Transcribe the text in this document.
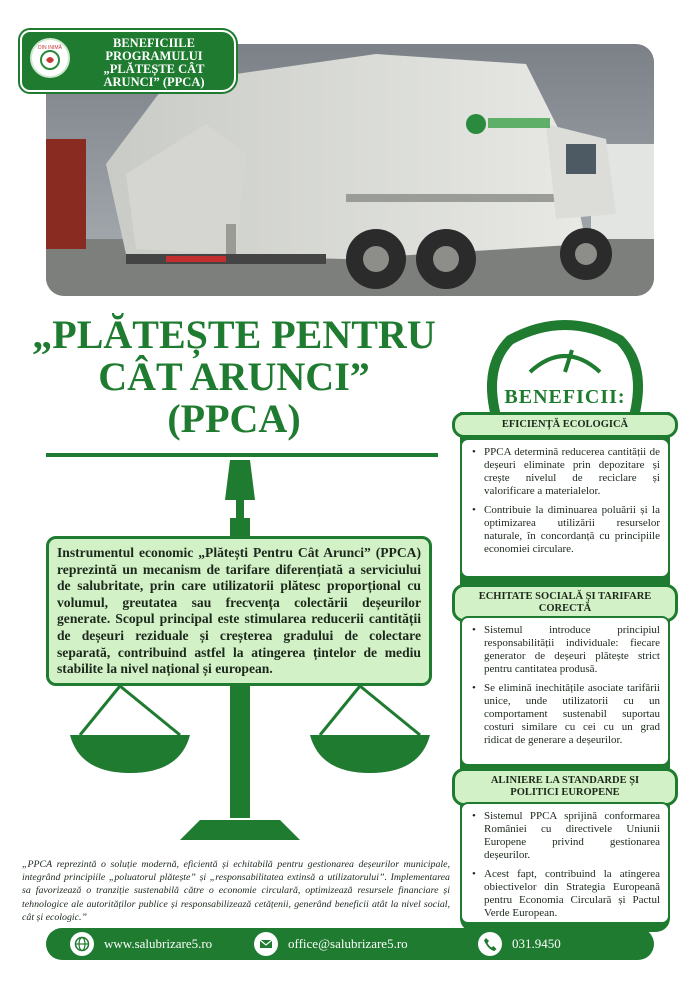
DIN INIMĂ	BENEFICIILE
PROGRAMULUI
„PLĂTEȘTE CÂT
ARUNCI” (PPCA)
„PLĂTEȘTE PENTRU
CÂT ARUNCI”
(PPCA)
Instrumentul economic „Plătești Pentru Cât Arunci” (PPCA) reprezintă un mecanism de tarifare diferențiată a serviciului de salubritate, prin care utilizatorii plătesc proporțional cu volumul, greutatea sau frecvența colectării deșeurilor generate. Scopul principal este stimularea reducerii cantității de deșeuri reziduale și creșterea gradului de colectare separată, contribuind astfel la atingerea țintelor de mediu stabilite la nivel național și european.
„PPCA reprezintă o soluție modernă, eficientă și echitabilă pentru gestionarea deșeurilor municipale, integrând principiile „poluatorul plătește” și „responsabilitatea extinsă a utilizatorului”. Implementarea sa favorizează o tranziție sustenabilă către o economie circulară, optimizează resursele financiare și tehnologice ale autorităților publice și responsabilizează cetățenii, generând beneficii atât la nivel social, cât și ecologic.”
BENEFICII:
EFICIENȚĂ ECOLOGICĂ
• PPCA determină reducerea cantității de deșeuri eliminate prin depozitare și crește nivelul de reciclare și valorificare a materialelor.
• Contribuie la diminuarea poluării și la optimizarea utilizării resurselor naturale, în concordanță cu principiile economiei circulare.
ECHITATE SOCIALĂ ȘI TARIFARE
CORECTĂ
• Sistemul introduce principiul responsabilității individuale: fiecare generator de deșeuri plătește strict pentru cantitatea produsă.
• Se elimină inechitățile asociate tarifării unice, unde utilizatorii cu un comportament sustenabil suportau costuri similare cu cei cu un grad ridicat de generare a deșeurilor.
ALINIERE LA STANDARDE ȘI
POLITICI EUROPENE
• Sistemul PPCA sprijină conformarea României cu directivele Uniunii Europene privind gestionarea deșeurilor.
• Acest fapt, contribuind la atingerea obiectivelor din Strategia Europeană pentru Economia Circulară și Pactul Verde European.
www.salubrizare5.ro	office@salubrizare5.ro	031.9450
